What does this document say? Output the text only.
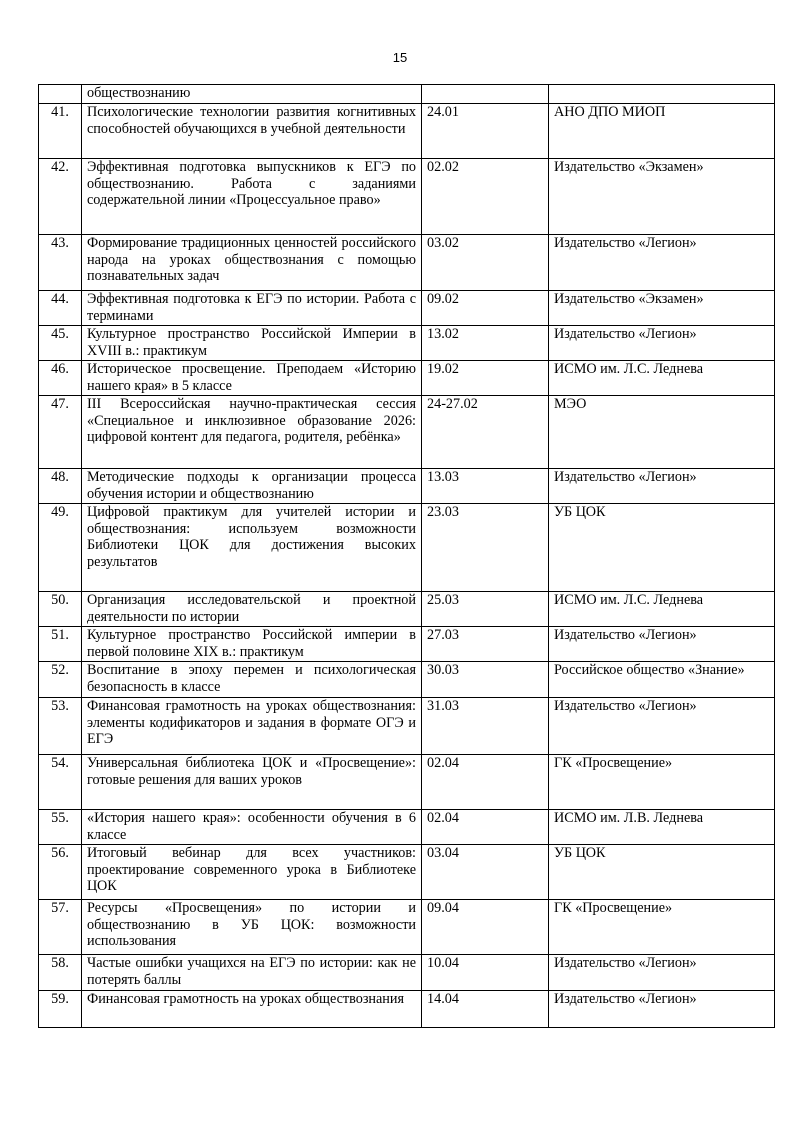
15
	обществознанию		
41.	Психологические технологии развития когнитивных способностей обучающихся в учебной деятельности	24.01	АНО ДПО МИОП
42.	Эффективная подготовка выпускников к ЕГЭ по обществознанию. Работа с заданиями содержательной линии «Процессуальное право»	02.02	Издательство «Экзамен»
43.	Формирование традиционных ценностей российского народа на уроках обществознания с помощью познавательных задач	03.02	Издательство «Легион»
44.	Эффективная подготовка к ЕГЭ по истории. Работа с терминами	09.02	Издательство «Экзамен»
45.	Культурное пространство Российской Империи в XVIII в.: практикум	13.02	Издательство «Легион»
46.	Историческое просвещение. Преподаем «Историю нашего края» в 5 классе	19.02	ИСМО им. Л.С. Леднева
47.	III Всероссийская научно-практическая сессия «Специальное и инклюзивное образование 2026: цифровой контент для педагога, родителя, ребёнка»	24-27.02	МЭО
48.	Методические подходы к организации процесса обучения истории и обществознанию	13.03	Издательство «Легион»
49.	Цифровой практикум для учителей истории и обществознания: используем возможности Библиотеки ЦОК для достижения высоких результатов	23.03	УБ ЦОК
50.	Организация исследовательской и проектной деятельности по истории	25.03	ИСМО им. Л.С. Леднева
51.	Культурное пространство Российской империи в первой половине XIX в.: практикум	27.03	Издательство «Легион»
52.	Воспитание в эпоху перемен и психологическая безопасность в классе	30.03	Российское общество «Знание»
53.	Финансовая грамотность на уроках обществознания: элементы кодификаторов и задания в формате ОГЭ и ЕГЭ	31.03	Издательство «Легион»
54.	Универсальная библиотека ЦОК и «Просвещение»: готовые решения для ваших уроков	02.04	ГК «Просвещение»
55.	«История нашего края»: особенности обучения в 6 классе	02.04	ИСМО им. Л.В. Леднева
56.	Итоговый вебинар для всех участников: проектирование современного урока в Библиотеке ЦОК	03.04	УБ ЦОК
57.	Ресурсы «Просвещения» по истории и обществознанию в УБ ЦОК: возможности использования	09.04	ГК «Просвещение»
58.	Частые ошибки учащихся на ЕГЭ по истории: как не потерять баллы	10.04	Издательство «Легион»
59.	Финансовая грамотность на уроках обществознания	14.04	Издательство «Легион»
